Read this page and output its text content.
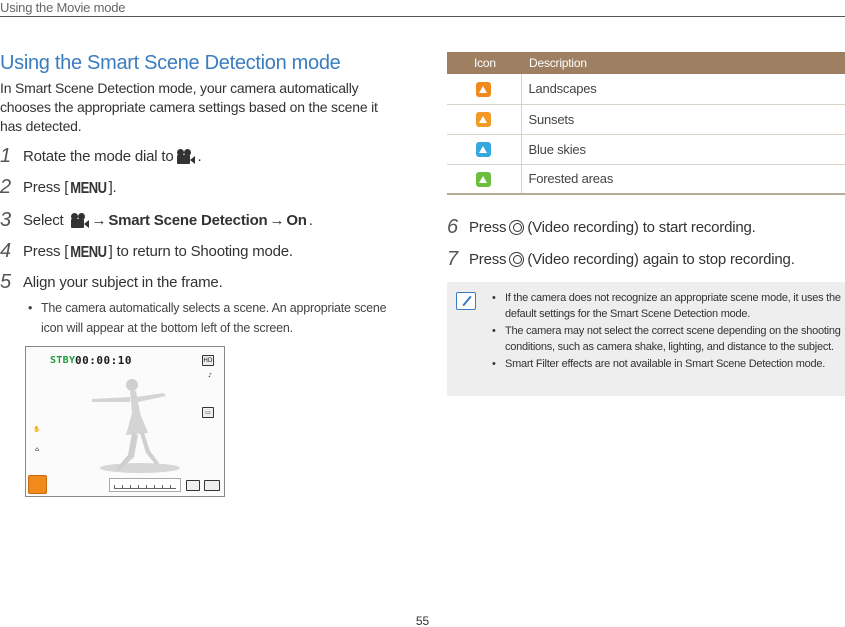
Using the Movie mode
Using the Smart Scene Detection mode
In Smart Scene Detection mode, your camera automatically chooses the appropriate camera settings based on the scene it has detected.
1 Rotate the mode dial to .
2 Press [ MENU ].
3 Select → Smart Scene Detection → On .
4 Press [ MENU ] to return to Shooting mode.
5 Align your subject in the frame.
• The camera automatically selects a scene. An appropriate scene icon will appear at the bottom left of the screen.
STBY 00:00:10	HD
♪
▭
✋
⌂
Icon	Description
	Landscapes
	Sunsets
	Blue skies
	Forested areas
6 Press (Video recording) to start recording.
7 Press (Video recording) again to stop recording.
• If the camera does not recognize an appropriate scene mode, it uses the default settings for the Smart Scene Detection mode.
• The camera may not select the correct scene depending on the shooting conditions, such as camera shake, lighting, and distance to the subject.
• Smart Filter effects are not available in Smart Scene Detection mode.
55
